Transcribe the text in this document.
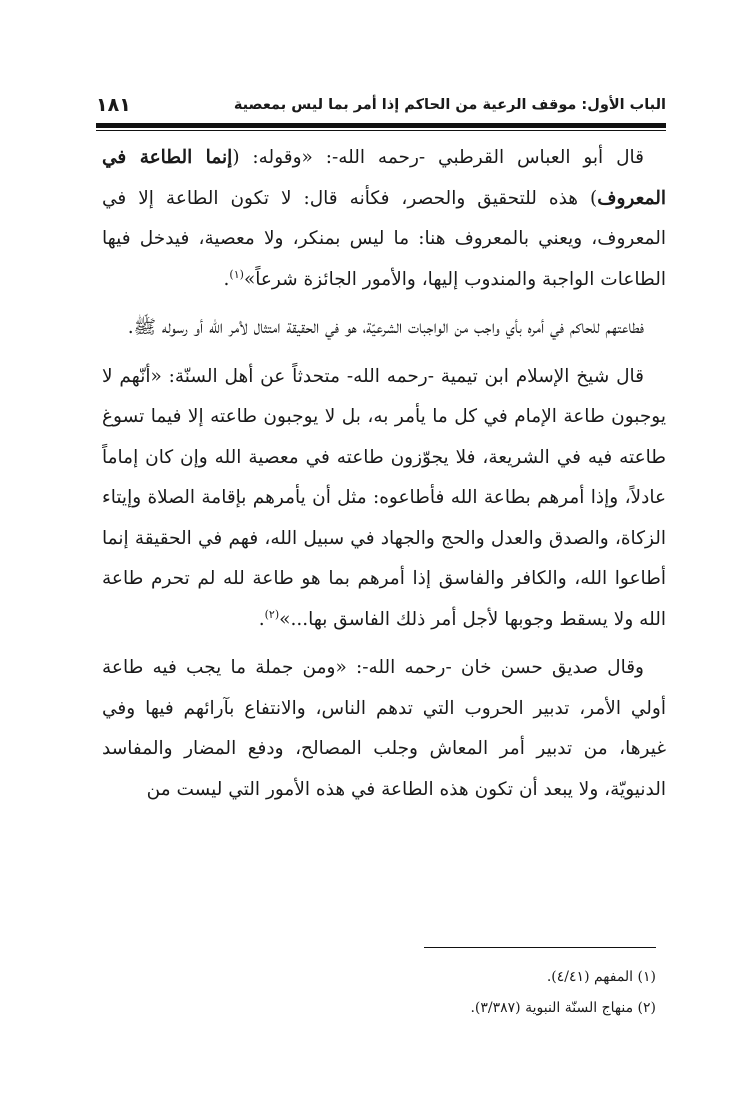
الباب الأول: موقف الرعية من الحاكم إذا أمر بما ليس بمعصية
١٨١

قال أبو العباس القرطبي -رحمه الله-: «وقوله: (إنما الطاعة في المعروف) هذه للتحقيق والحصر، فكأنه قال: لا تكون الطاعة إلا في المعروف، ويعني بالمعروف هنا: ما ليس بمنكر، ولا معصية، فيدخل فيها الطاعات الواجبة والمندوب إليها، والأمور الجائزة شرعاً»$^{(١)}$.

فطاعتهم للحاكم في أمره بأي واجب من الواجبات الشرعيّة، هو في الحقيقة امتثال لأمر الله أو رسوله ﷺ.

قال شيخ الإسلام ابن تيمية -رحمه الله- متحدثاً عن أهل السنّة: «أنّهم لا يوجبون طاعة الإمام في كل ما يأمر به، بل لا يوجبون طاعته إلا فيما تسوغ طاعته فيه في الشريعة، فلا يجوّزون طاعته في معصية الله وإن كان إماماً عادلاً، وإذا أمرهم بطاعة الله فأطاعوه: مثل أن يأمرهم بإقامة الصلاة وإيتاء الزكاة، والصدق والعدل والحج والجهاد في سبيل الله، فهم في الحقيقة إنما أطاعوا الله، والكافر والفاسق إذا أمرهم بما هو طاعة لله لم تحرم طاعة الله ولا يسقط وجوبها لأجل أمر ذلك الفاسق بها...»$^{(٢)}$.

وقال صديق حسن خان -رحمه الله-: «ومن جملة ما يجب فيه طاعة أولي الأمر، تدبير الحروب التي تدهم الناس، والانتفاع بآرائهم فيها وفي غيرها، من تدبير أمر المعاش وجلب المصالح، ودفع المضار والمفاسد الدنيويّة، ولا يبعد أن تكون هذه الطاعة في هذه الأمور التي ليست من

(١) المفهم (٤/٤١).

(٢) منهاج السنّة النبوية (٣/٣٨٧).
